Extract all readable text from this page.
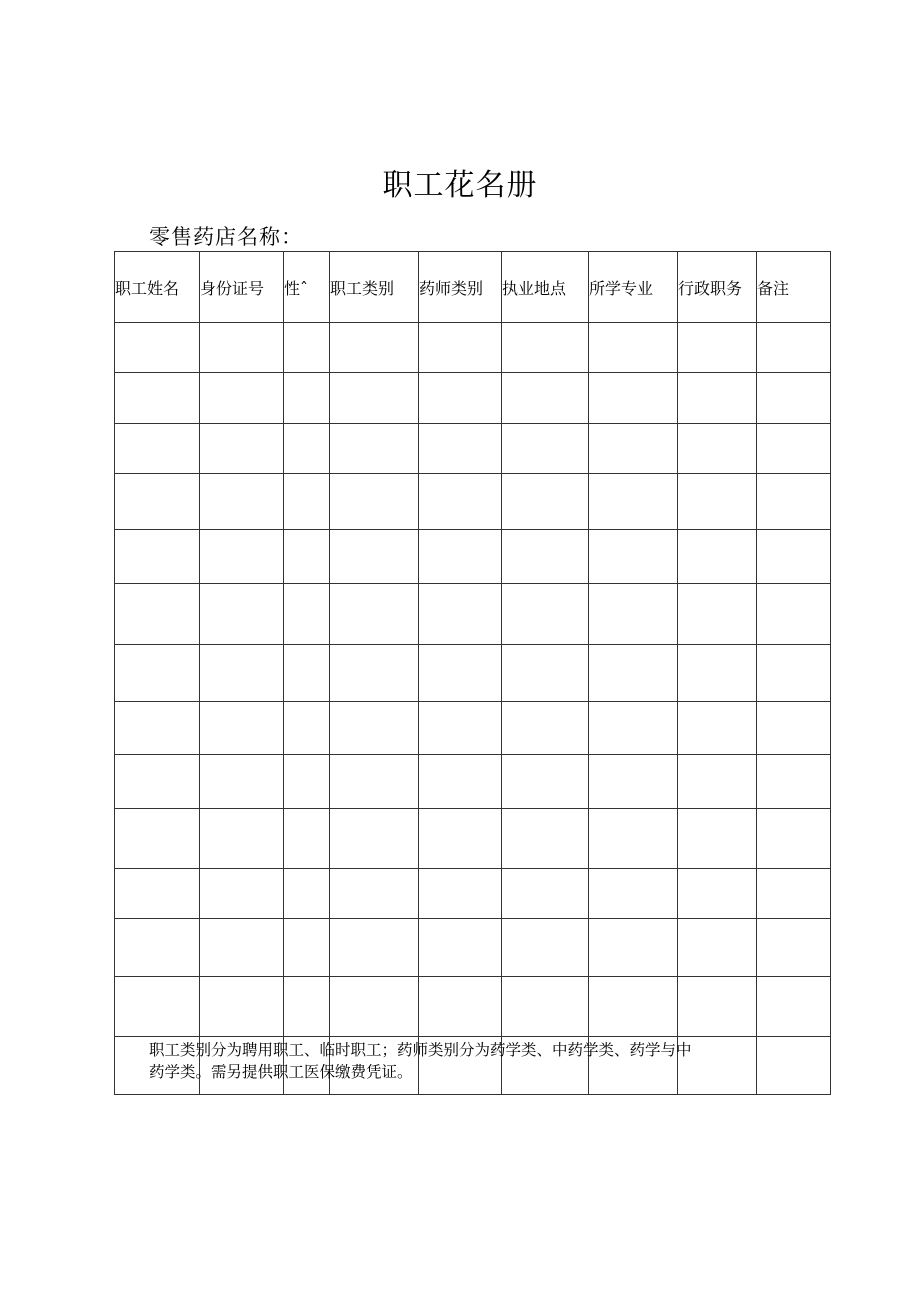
职工花名册
零售药店名称：
职工姓名	身份证号	性ˆ	职工类别	药师类别	执业地点	所学专业	行政职务	备注

职工类别分为聘用职工、临时职工；药师类别分为药学类、中药学类、药学与中
药学类。需另提供职工医保缴费凭证。
